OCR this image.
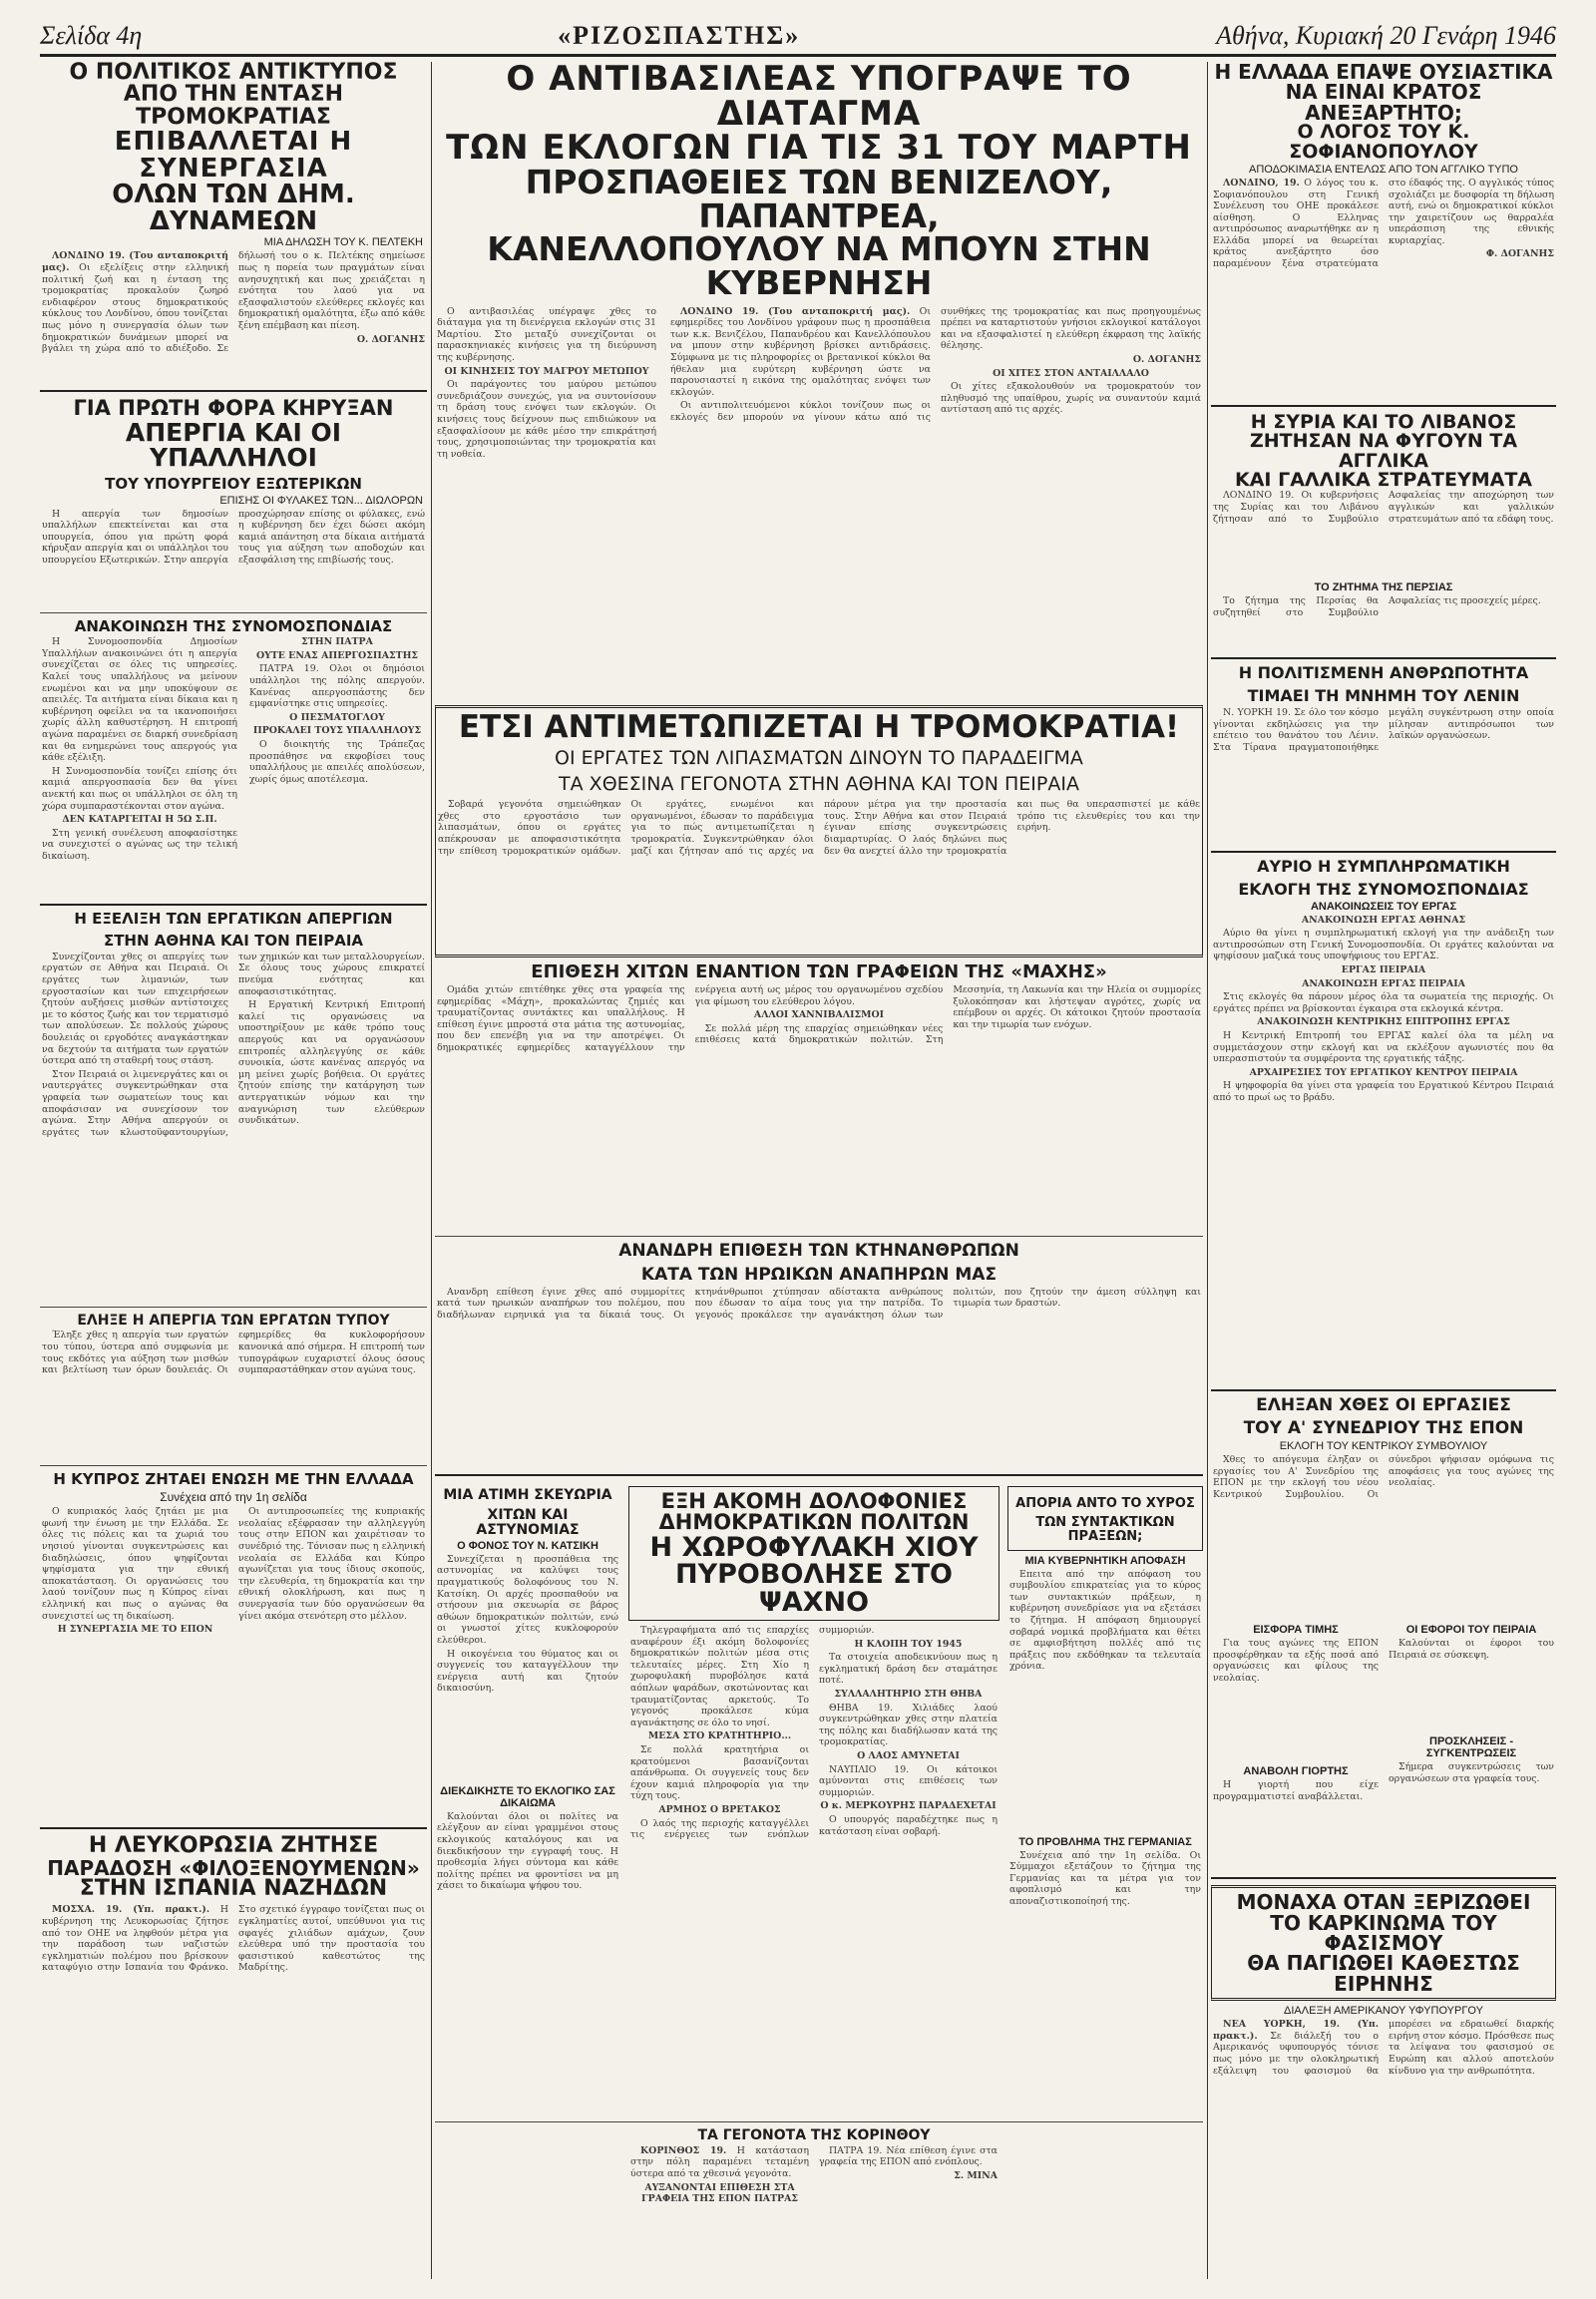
Σελίδα 4η	«ΡΙΖΟΣΠΑΣΤΗΣ»	Αθήνα, Κυριακή 20 Γενάρη 1946
Ο ΠΟΛΙΤΙΚΟΣ ΑΝΤΙΚΤΥΠΟΣ
ΑΠΟ ΤΗΝ ΕΝΤΑΣΗ ΤΡΟΜΟΚΡΑΤΙΑΣ
ΕΠΙΒΑΛΛΕΤΑΙ Η ΣΥΝΕΡΓΑΣΙΑ
ΟΛΩΝ ΤΩΝ ΔΗΜ. ΔΥΝΑΜΕΩΝ
ΜΙΑ ΔΗΛΩΣΗ ΤΟΥ Κ. ΠΕΛΤΕΚΗ

ΛΟΝΔΙΝΟ 19. (Του ανταποκριτή μας). Οι εξελίξεις στην ελληνική πολιτική ζωή και η ένταση της τρομοκρατίας προκαλούν ζωηρό ενδιαφέρον στους δημοκρατικούς κύκλους του Λονδίνου, όπου τονίζεται πως μόνο η συνεργασία όλων των δημοκρατικών δυνάμεων μπορεί να βγάλει τη χώρα από το αδιέξοδο. Σε δήλωσή του ο κ. Πελτέκης σημείωσε πως η πορεία των πραγμάτων είναι ανησυχητική και πως χρειάζεται η ενότητα του λαού για να εξασφαλιστούν ελεύθερες εκλογές και δημοκρατική ομαλότητα, έξω από κάθε ξένη επέμβαση και πίεση.

Ο. ΔΟΓΑΝΗΣ

ΓΙΑ ΠΡΩΤΗ ΦΟΡΑ ΚΗΡΥΞΑΝ
ΑΠΕΡΓΙΑ ΚΑΙ ΟΙ ΥΠΑΛΛΗΛΟΙ
ΤΟΥ ΥΠΟΥΡΓΕΙΟΥ ΕΞΩΤΕΡΙΚΩΝ
ΕΠΙΣΗΣ ΟΙ ΦΥΛΑΚΕΣ ΤΩΝ... ΔΙΩΛΟΡΩΝ

Η απεργία των δημοσίων υπαλλήλων επεκτείνεται και στα υπουργεία, όπου για πρώτη φορά κήρυξαν απεργία και οι υπάλληλοι του υπουργείου Εξωτερικών. Στην απεργία προσχώρησαν επίσης οι φύλακες, ενώ η κυβέρνηση δεν έχει δώσει ακόμη καμιά απάντηση στα δίκαια αιτήματά τους για αύξηση των αποδοχών και εξασφάλιση της επιβίωσής τους.

ΑΝΑΚΟΙΝΩΣΗ ΤΗΣ ΣΥΝΟΜΟΣΠΟΝΔΙΑΣ

Η Συνομοσπονδία Δημοσίων Υπαλλήλων ανακοινώνει ότι η απεργία συνεχίζεται σε όλες τις υπηρεσίες. Καλεί τους υπαλλήλους να μείνουν ενωμένοι και να μην υποκύψουν σε απειλές. Τα αιτήματα είναι δίκαια και η κυβέρνηση οφείλει να τα ικανοποιήσει χωρίς άλλη καθυστέρηση. Η επιτροπή αγώνα παραμένει σε διαρκή συνεδρίαση και θα ενημερώνει τους απεργούς για κάθε εξέλιξη.

Η Συνομοσπονδία τονίζει επίσης ότι καμιά απεργοσπασία δεν θα γίνει ανεκτή και πως οι υπάλληλοι σε όλη τη χώρα συμπαραστέκονται στον αγώνα.

ΔΕΝ ΚΑΤΑΡΓΕΙΤΑΙ Η 5Ω Σ.Π.

Στη γενική συνέλευση αποφασίστηκε να συνεχιστεί ο αγώνας ως την τελική δικαίωση.

ΣΤΗΝ ΠΑΤΡΑ

ΟΥΤΕ ΕΝΑΣ ΑΠΕΡΓΟΣΠΑΣΤΗΣ

ΠΑΤΡΑ 19. Ολοι οι δημόσιοι υπάλληλοι της πόλης απεργούν. Κανένας απεργοσπάστης δεν εμφανίστηκε στις υπηρεσίες.

Ο ΠΕΣΜΑΤΟΓΛΟΥ

ΠΡΟΚΑΛΕΙ ΤΟΥΣ ΥΠΑΛΛΗΛΟΥΣ

Ο διοικητής της Τράπεζας προσπάθησε να εκφοβίσει τους υπαλλήλους με απειλές απολύσεων, χωρίς όμως αποτέλεσμα.

Η ΕΞΕΛΙΞΗ ΤΩΝ ΕΡΓΑΤΙΚΩΝ ΑΠΕΡΓΙΩΝ
ΣΤΗΝ ΑΘΗΝΑ ΚΑΙ ΤΟΝ ΠΕΙΡΑΙΑ

Συνεχίζονται χθες οι απεργίες των εργατών σε Αθήνα και Πειραιά. Οι εργάτες των λιμανιών, των εργοστασίων και των επιχειρήσεων ζητούν αυξήσεις μισθών αντίστοιχες με το κόστος ζωής και τον τερματισμό των απολύσεων. Σε πολλούς χώρους δουλειάς οι εργοδότες αναγκάστηκαν να δεχτούν τα αιτήματα των εργατών ύστερα από τη σταθερή τους στάση.

Στον Πειραιά οι λιμενεργάτες και οι ναυτεργάτες συγκεντρώθηκαν στα γραφεία των σωματείων τους και αποφάσισαν να συνεχίσουν τον αγώνα. Στην Αθήνα απεργούν οι εργάτες των κλωστοϋφαντουργίων, των χημικών και των μεταλλουργείων. Σε όλους τους χώρους επικρατεί πνεύμα ενότητας και αποφασιστικότητας.

Η Εργατική Κεντρική Επιτροπή καλεί τις οργανώσεις να υποστηρίξουν με κάθε τρόπο τους απεργούς και να οργανώσουν επιτροπές αλληλεγγύης σε κάθε συνοικία, ώστε κανένας απεργός να μη μείνει χωρίς βοήθεια. Οι εργάτες ζητούν επίσης την κατάργηση των αντεργατικών νόμων και την αναγνώριση των ελεύθερων συνδικάτων.

ΕΛΗΞΕ Η ΑΠΕΡΓΙΑ ΤΩΝ ΕΡΓΑΤΩΝ ΤΥΠΟΥ

Έληξε χθες η απεργία των εργατών του τύπου, ύστερα από συμφωνία με τους εκδότες για αύξηση των μισθών και βελτίωση των όρων δουλειάς. Οι εφημερίδες θα κυκλοφορήσουν κανονικά από σήμερα. Η επιτροπή των τυπογράφων ευχαριστεί όλους όσους συμπαραστάθηκαν στον αγώνα τους.

Η ΚΥΠΡΟΣ ΖΗΤΑΕΙ ΕΝΩΣΗ ΜΕ ΤΗΝ ΕΛΛΑΔΑ
Συνέχεια από την 1η σελίδα

Ο κυπριακός λαός ζητάει με μια φωνή την ένωση με την Ελλάδα. Σε όλες τις πόλεις και τα χωριά του νησιού γίνονται συγκεντρώσεις και διαδηλώσεις, όπου ψηφίζονται ψηφίσματα για την εθνική αποκατάσταση. Οι οργανώσεις του λαού τονίζουν πως η Κύπρος είναι ελληνική και πως ο αγώνας θα συνεχιστεί ως τη δικαίωση.

Η ΣΥΝΕΡΓΑΣΙΑ ΜΕ ΤΟ ΕΠΟΝ

Οι αντιπροσωπείες της κυπριακής νεολαίας εξέφρασαν την αλληλεγγύη τους στην ΕΠΟΝ και χαιρέτισαν το συνέδριό της. Τόνισαν πως η ελληνική νεολαία σε Ελλάδα και Κύπρο αγωνίζεται για τους ίδιους σκοπούς, την ελευθερία, τη δημοκρατία και την εθνική ολοκλήρωση, και πως η συνεργασία των δύο οργανώσεων θα γίνει ακόμα στενότερη στο μέλλον.

Η ΛΕΥΚΟΡΩΣΙΑ ΖΗΤΗΣΕ
ΠΑΡΑΔΟΣΗ «ΦΙΛΟΞΕΝΟΥΜΕΝΩΝ»
ΣΤΗΝ ΙΣΠΑΝΙΑ ΝΑΖΗΔΩΝ

ΜΟΣΧΑ. 19. (Υπ. πρακτ.). Η κυβέρνηση της Λευκορωσίας ζήτησε από τον ΟΗΕ να ληφθούν μέτρα για την παράδοση των ναζιστών εγκληματιών πολέμου που βρίσκουν καταφύγιο στην Ισπανία του Φράνκο. Στο σχετικό έγγραφο τονίζεται πως οι εγκληματίες αυτοί, υπεύθυνοι για τις σφαγές χιλιάδων αμάχων, ζουν ελεύθερα υπό την προστασία του φασιστικού καθεστώτος της Μαδρίτης.

Ο ΑΝΤΙΒΑΣΙΛΕΑΣ ΥΠΟΓΡΑΨΕ ΤΟ ΔΙΑΤΑΓΜΑ
ΤΩΝ ΕΚΛΟΓΩΝ ΓΙΑ ΤΙΣ 31 ΤΟΥ ΜΑΡΤΗ
ΠΡΟΣΠΑΘΕΙΕΣ ΤΩΝ ΒΕΝΙΖΕΛΟΥ, ΠΑΠΑΝΤΡΕΑ,
ΚΑΝΕΛΛΟΠΟΥΛΟΥ ΝΑ ΜΠΟΥΝ ΣΤΗΝ ΚΥΒΕΡΝΗΣΗ

Ο αντιβασιλέας υπέγραψε χθες το διάταγμα για τη διενέργεια εκλογών στις 31 Μαρτίου. Στο μεταξύ συνεχίζονται οι παρασκηνιακές κινήσεις για τη διεύρυνση της κυβέρνησης.

ΟΙ ΚΙΝΗΣΕΙΣ ΤΟΥ ΜΑΓΡΟΥ ΜΕΤΩΠΟΥ

Οι παράγοντες του μαύρου μετώπου συνεδριάζουν συνεχώς, για να συντονίσουν τη δράση τους ενόψει των εκλογών. Οι κινήσεις τους δείχνουν πως επιδιώκουν να εξασφαλίσουν με κάθε μέσο την επικράτησή τους, χρησιμοποιώντας την τρομοκρατία και τη νοθεία.

ΛΟΝΔΙΝΟ 19. (Του ανταποκριτή μας). Οι εφημερίδες του Λονδίνου γράφουν πως η προσπάθεια των κ.κ. Βενιζέλου, Παπανδρέου και Κανελλόπουλου να μπουν στην κυβέρνηση βρίσκει αντιδράσεις. Σύμφωνα με τις πληροφορίες οι βρετανικοί κύκλοι θα ήθελαν μια ευρύτερη κυβέρνηση ώστε να παρουσιαστεί η εικόνα της ομαλότητας ενόψει των εκλογών.

Οι αντιπολιτευόμενοι κύκλοι τονίζουν πως οι εκλογές δεν μπορούν να γίνουν κάτω από τις συνθήκες της τρομοκρατίας και πως προηγουμένως πρέπει να καταρτιστούν γνήσιοι εκλογικοί κατάλογοι και να εξασφαλιστεί η ελεύθερη έκφραση της λαϊκής θέλησης.

Ο. ΔΟΓΑΝΗΣ

ΟΙ ΧΙΤΕΣ ΣΤΟΝ ΑΝΤΑΙΛΛΑΛΟ

Οι χίτες εξακολουθούν να τρομοκρατούν τον πληθυσμό της υπαίθρου, χωρίς να συναντούν καμιά αντίσταση από τις αρχές.

ΕΤΣΙ ΑΝΤΙΜΕΤΩΠΙΖΕΤΑΙ Η ΤΡΟΜΟΚΡΑΤΙΑ!
ΟΙ ΕΡΓΑΤΕΣ ΤΩΝ ΛΙΠΑΣΜΑΤΩΝ ΔΙΝΟΥΝ ΤΟ ΠΑΡΑΔΕΙΓΜΑ
ΤΑ ΧΘΕΣΙΝΑ ΓΕΓΟΝΟΤΑ ΣΤΗΝ ΑΘΗΝΑ ΚΑΙ ΤΟΝ ΠΕΙΡΑΙΑ

Σοβαρά γεγονότα σημειώθηκαν χθες στο εργοστάσιο των λιπασμάτων, όπου οι εργάτες απέκρουσαν με αποφασιστικότητα την επίθεση τρομοκρατικών ομάδων. Οι εργάτες, ενωμένοι και οργανωμένοι, έδωσαν το παράδειγμα για το πώς αντιμετωπίζεται η τρομοκρατία. Συγκεντρώθηκαν όλοι μαζί και ζήτησαν από τις αρχές να πάρουν μέτρα για την προστασία τους. Στην Αθήνα και στον Πειραιά έγιναν επίσης συγκεντρώσεις διαμαρτυρίας. Ο λαός δηλώνει πως δεν θα ανεχτεί άλλο την τρομοκρατία και πως θα υπερασπιστεί με κάθε τρόπο τις ελευθερίες του και την ειρήνη.

ΕΠΙΘΕΣΗ ΧΙΤΩΝ ΕΝΑΝΤΙΟΝ ΤΩΝ ΓΡΑΦΕΙΩΝ ΤΗΣ «ΜΑΧΗΣ»

Ομάδα χιτών επιτέθηκε χθες στα γραφεία της εφημερίδας «Μάχη», προκαλώντας ζημιές και τραυματίζοντας συντάκτες και υπαλλήλους. Η επίθεση έγινε μπροστά στα μάτια της αστυνομίας, που δεν επενέβη για να την αποτρέψει. Οι δημοκρατικές εφημερίδες καταγγέλλουν την ενέργεια αυτή ως μέρος του οργανωμένου σχεδίου για φίμωση του ελεύθερου λόγου.

ΑΛΛΟΙ ΧΑΝΝΙΒΑΛΙΣΜΟΙ

Σε πολλά μέρη της επαρχίας σημειώθηκαν νέες επιθέσεις κατά δημοκρατικών πολιτών. Στη Μεσσηνία, τη Λακωνία και την Ηλεία οι συμμορίες ξυλοκόπησαν και λήστεψαν αγρότες, χωρίς να επέμβουν οι αρχές. Οι κάτοικοι ζητούν προστασία και την τιμωρία των ενόχων.

ΑΝΑΝΔΡΗ ΕΠΙΘΕΣΗ ΤΩΝ ΚΤΗΝΑΝΘΡΩΠΩΝ
ΚΑΤΑ ΤΩΝ ΗΡΩΙΚΩΝ ΑΝΑΠΗΡΩΝ ΜΑΣ

Ανανδρη επίθεση έγινε χθες από συμμορίτες κατά των ηρωικών αναπήρων του πολέμου, που διαδήλωναν ειρηνικά για τα δίκαιά τους. Οι κτηνάνθρωποι χτύπησαν αδίστακτα ανθρώπους που έδωσαν το αίμα τους για την πατρίδα. Το γεγονός προκάλεσε την αγανάκτηση όλων των πολιτών, που ζητούν την άμεση σύλληψη και τιμωρία των δραστών.

ΜΙΑ ΑΤΙΜΗ ΣΚΕΥΩΡΙΑ
ΧΙΤΩΝ ΚΑΙ ΑΣΤΥΝΟΜΙΑΣ
Ο ΦΟΝΟΣ ΤΟΥ Ν. ΚΑΤΣΙΚΗ

Συνεχίζεται η προσπάθεια της αστυνομίας να καλύψει τους πραγματικούς δολοφόνους του Ν. Κατσίκη. Οι αρχές προσπαθούν να στήσουν μια σκευωρία σε βάρος αθώων δημοκρατικών πολιτών, ενώ οι γνωστοί χίτες κυκλοφορούν ελεύθεροι.

Η οικογένεια του θύματος και οι συγγενείς του καταγγέλλουν την ενέργεια αυτή και ζητούν δικαιοσύνη.

ΔΙΕΚΔΙΚΗΣΤΕ ΤΟ ΕΚΛΟΓΙΚΟ ΣΑΣ ΔΙΚΑΙΩΜΑ

Καλούνται όλοι οι πολίτες να ελέγξουν αν είναι γραμμένοι στους εκλογικούς καταλόγους και να διεκδικήσουν την εγγραφή τους. Η προθεσμία λήγει σύντομα και κάθε πολίτης πρέπει να φροντίσει να μη χάσει το δικαίωμα ψήφου του.

ΕΞΗ ΑΚΟΜΗ ΔΟΛΟΦΟΝΙΕΣ
ΔΗΜΟΚΡΑΤΙΚΩΝ ΠΟΛΙΤΩΝ
Η ΧΩΡΟΦΥΛΑΚΗ ΧΙΟΥ
ΠΥΡΟΒΟΛΗΣΕ ΣΤΟ ΨΑΧΝΟ

Τηλεγραφήματα από τις επαρχίες αναφέρουν έξι ακόμη δολοφονίες δημοκρατικών πολιτών μέσα στις τελευταίες μέρες. Στη Χίο η χωροφυλακή πυροβόλησε κατά αόπλων ψαράδων, σκοτώνοντας και τραυματίζοντας αρκετούς. Το γεγονός προκάλεσε κύμα αγανάκτησης σε όλο το νησί.

ΜΕΣΑ ΣΤΟ ΚΡΑΤΗΤΗΡΙΟ...

Σε πολλά κρατητήρια οι κρατούμενοι βασανίζονται απάνθρωπα. Οι συγγενείς τους δεν έχουν καμιά πληροφορία για την τύχη τους.

ΑΡΜΗΟΣ Ο ΒΡΕΤΑΚΟΣ

Ο λαός της περιοχής καταγγέλλει τις ενέργειες των ενόπλων συμμοριών.

Η ΚΛΟΠΗ ΤΟΥ 1945

Τα στοιχεία αποδεικνύουν πως η εγκληματική δράση δεν σταμάτησε ποτέ.

ΣΥΛΛΑΛΗΤΗΡΙΟ ΣΤΗ ΘΗΒΑ

ΘΗΒΑ 19. Χιλιάδες λαού συγκεντρώθηκαν χθες στην πλατεία της πόλης και διαδήλωσαν κατά της τρομοκρατίας.

Ο ΛΑΟΣ ΑΜΥΝΕΤΑΙ

ΝΑΥΠΛΙΟ 19. Οι κάτοικοι αμύνονται στις επιθέσεις των συμμοριών.

Ο κ. ΜΕΡΚΟΥΡΗΣ ΠΑΡΑΔΕΧΕΤΑΙ

Ο υπουργός παραδέχτηκε πως η κατάσταση είναι σοβαρή.

ΑΠΟΡΙΑ ΑΝΤΟ ΤΟ ΧΥΡΟΣ
ΤΩΝ ΣΥΝΤΑΚΤΙΚΩΝ ΠΡΑΞΕΩΝ;
ΜΙΑ ΚΥΒΕΡΝΗΤΙΚΗ ΑΠΟΦΑΣΗ

Επειτα από την απόφαση του συμβουλίου επικρατείας για το κύρος των συντακτικών πράξεων, η κυβέρνηση συνεδρίασε για να εξετάσει το ζήτημα. Η απόφαση δημιουργεί σοβαρά νομικά προβλήματα και θέτει σε αμφισβήτηση πολλές από τις πράξεις που εκδόθηκαν τα τελευταία χρόνια.

ΤΟ ΠΡΟΒΛΗΜΑ ΤΗΣ ΓΕΡΜΑΝΙΑΣ

Συνέχεια από την 1η σελίδα. Οι Σύμμαχοι εξετάζουν το ζήτημα της Γερμανίας και τα μέτρα για τον αφοπλισμό και την αποναζιστικοποίησή της.

ΤΑ ΓΕΓΟΝΟΤΑ ΤΗΣ ΚΟΡΙΝΘΟΥ

ΚΟΡΙΝΘΟΣ 19. Η κατάσταση στην πόλη παραμένει τεταμένη ύστερα από τα χθεσινά γεγονότα.

ΑΥΞΑΝΟΝΤΑΙ ΕΠΙΘΕΣΗ ΣΤΑ ΓΡΑΦΕΙΑ ΤΗΣ ΕΠΟΝ ΠΑΤΡΑΣ

ΠΑΤΡΑ 19. Νέα επίθεση έγινε στα γραφεία της ΕΠΟΝ από ενόπλους.

Σ. ΜΙΝΑ

Η ΕΛΛΑΔΑ ΕΠΑΨΕ ΟΥΣΙΑΣΤΙΚΑ
ΝΑ ΕΙΝΑΙ ΚΡΑΤΟΣ ΑΝΕΞΑΡΤΗΤΟ;
Ο ΛΟΓΟΣ ΤΟΥ Κ. ΣΟΦΙΑΝΟΠΟΥΛΟΥ
ΑΠΟΔΟΚΙΜΑΣΙΑ ΕΝΤΕΛΩΣ ΑΠΟ ΤΟΝ ΑΓΓΛΙΚΟ ΤΥΠΟ

ΛΟΝΔΙΝΟ, 19. Ο λόγος του κ. Σοφιανόπουλου στη Γενική Συνέλευση του ΟΗΕ προκάλεσε αίσθηση. Ο Ελληνας αντιπρόσωπος αναρωτήθηκε αν η Ελλάδα μπορεί να θεωρείται κράτος ανεξάρτητο όσο παραμένουν ξένα στρατεύματα στο έδαφός της. Ο αγγλικός τύπος σχολιάζει με δυσφορία τη δήλωση αυτή, ενώ οι δημοκρατικοί κύκλοι την χαιρετίζουν ως θαρραλέα υπεράσπιση της εθνικής κυριαρχίας.

Φ. ΔΟΓΑΝΗΣ

Η ΣΥΡΙΑ ΚΑΙ ΤΟ ΛΙΒΑΝΟΣ
ΖΗΤΗΣΑΝ ΝΑ ΦΥΓΟΥΝ ΤΑ ΑΓΓΛΙΚΑ
ΚΑΙ ΓΑΛΛΙΚΑ ΣΤΡΑΤΕΥΜΑΤΑ

ΛΟΝΔΙΝΟ 19. Οι κυβερνήσεις της Συρίας και του Λιβάνου ζήτησαν από το Συμβούλιο Ασφαλείας την αποχώρηση των αγγλικών και γαλλικών στρατευμάτων από τα εδάφη τους.

ΤΟ ΖΗΤΗΜΑ ΤΗΣ ΠΕΡΣΙΑΣ

Το ζήτημα της Περσίας θα συζητηθεί στο Συμβούλιο Ασφαλείας τις προσεχείς μέρες.

Η ΠΟΛΙΤΙΣΜΕΝΗ ΑΝΘΡΩΠΟΤΗΤΑ
ΤΙΜΑΕΙ ΤΗ ΜΝΗΜΗ ΤΟΥ ΛΕΝΙΝ

Ν. ΥΟΡΚΗ 19. Σε όλο τον κόσμο γίνονται εκδηλώσεις για την επέτειο του θανάτου του Λένιν. Στα Τίρανα πραγματοποιήθηκε μεγάλη συγκέντρωση στην οποία μίλησαν αντιπρόσωποι των λαϊκών οργανώσεων.

ΑΥΡΙΟ Η ΣΥΜΠΛΗΡΩΜΑΤΙΚΗ
ΕΚΛΟΓΗ ΤΗΣ ΣΥΝΟΜΟΣΠΟΝΔΙΑΣ
ΑΝΑΚΟΙΝΩΣΕΙΣ ΤΟΥ ΕΡΓΑΣ

ΑΝΑΚΟΙΝΩΣΗ ΕΡΓΑΣ ΑΘΗΝΑΣ

Αύριο θα γίνει η συμπληρωματική εκλογή για την ανάδειξη των αντιπροσώπων στη Γενική Συνομοσπονδία. Οι εργάτες καλούνται να ψηφίσουν μαζικά τους υποψήφιους του ΕΡΓΑΣ.

ΕΡΓΑΣ ΠΕΙΡΑΙΑ

ΑΝΑΚΟΙΝΩΣΗ ΕΡΓΑΣ ΠΕΙΡΑΙΑ

Στις εκλογές θα πάρουν μέρος όλα τα σωματεία της περιοχής. Οι εργάτες πρέπει να βρίσκονται έγκαιρα στα εκλογικά κέντρα.

ΑΝΑΚΟΙΝΩΣΗ ΚΕΝΤΡΙΚΗΣ ΕΠΙΤΡΟΠΗΣ ΕΡΓΑΣ

Η Κεντρική Επιτροπή του ΕΡΓΑΣ καλεί όλα τα μέλη να συμμετάσχουν στην εκλογή και να εκλέξουν αγωνιστές που θα υπερασπιστούν τα συμφέροντα της εργατικής τάξης.

ΑΡΧΑΙΡΕΣΙΕΣ ΤΟΥ ΕΡΓΑΤΙΚΟΥ ΚΕΝΤΡΟΥ ΠΕΙΡΑΙΑ

Η ψηφοφορία θα γίνει στα γραφεία του Εργατικού Κέντρου Πειραιά από το πρωί ως το βράδυ.

ΕΛΗΞΑΝ ΧΘΕΣ ΟΙ ΕΡΓΑΣΙΕΣ
ΤΟΥ Α' ΣΥΝΕΔΡΙΟΥ ΤΗΣ ΕΠΟΝ
ΕΚΛΟΓΗ ΤΟΥ ΚΕΝΤΡΙΚΟΥ ΣΥΜΒΟΥΛΙΟΥ

Χθες το απόγευμα έληξαν οι εργασίες του Α' Συνεδρίου της ΕΠΟΝ με την εκλογή του νέου Κεντρικού Συμβουλίου. Οι σύνεδροι ψήφισαν ομόφωνα τις αποφάσεις για τους αγώνες της νεολαίας.

ΕΙΣΦΟΡΑ ΤΙΜΗΣ

Για τους αγώνες της ΕΠΟΝ προσφέρθηκαν τα εξής ποσά από οργανώσεις και φίλους της νεολαίας.

ΑΝΑΒΟΛΗ ΓΙΟΡΤΗΣ

Η γιορτή που είχε προγραμματιστεί αναβάλλεται.

ΟΙ ΕΦΟΡΟΙ ΤΟΥ ΠΕΙΡΑΙΑ

Καλούνται οι έφοροι του Πειραιά σε σύσκεψη.

ΠΡΟΣΚΛΗΣΕΙΣ - ΣΥΓΚΕΝΤΡΩΣΕΙΣ

Σήμερα συγκεντρώσεις των οργανώσεων στα γραφεία τους.

ΜΟΝΑΧΑ ΟΤΑΝ ΞΕΡΙΖΩΘΕΙ
ΤΟ ΚΑΡΚΙΝΩΜΑ ΤΟΥ ΦΑΣΙΣΜΟΥ
ΘΑ ΠΑΓΙΩΘΕΙ ΚΑΘΕΣΤΩΣ ΕΙΡΗΝΗΣ
ΔΙΑΛΕΞΗ ΑΜΕΡΙΚΑΝΟΥ ΥΦΥΠΟΥΡΓΟΥ

ΝΕΑ ΥΟΡΚΗ, 19. (Υπ. πρακτ.). Σε διάλεξή του ο Αμερικανός υφυπουργός τόνισε πως μόνο με την ολοκληρωτική εξάλειψη του φασισμού θα μπορέσει να εδραιωθεί διαρκής ειρήνη στον κόσμο. Πρόσθεσε πως τα λείψανα του φασισμού σε Ευρώπη και αλλού αποτελούν κίνδυνο για την ανθρωπότητα.
